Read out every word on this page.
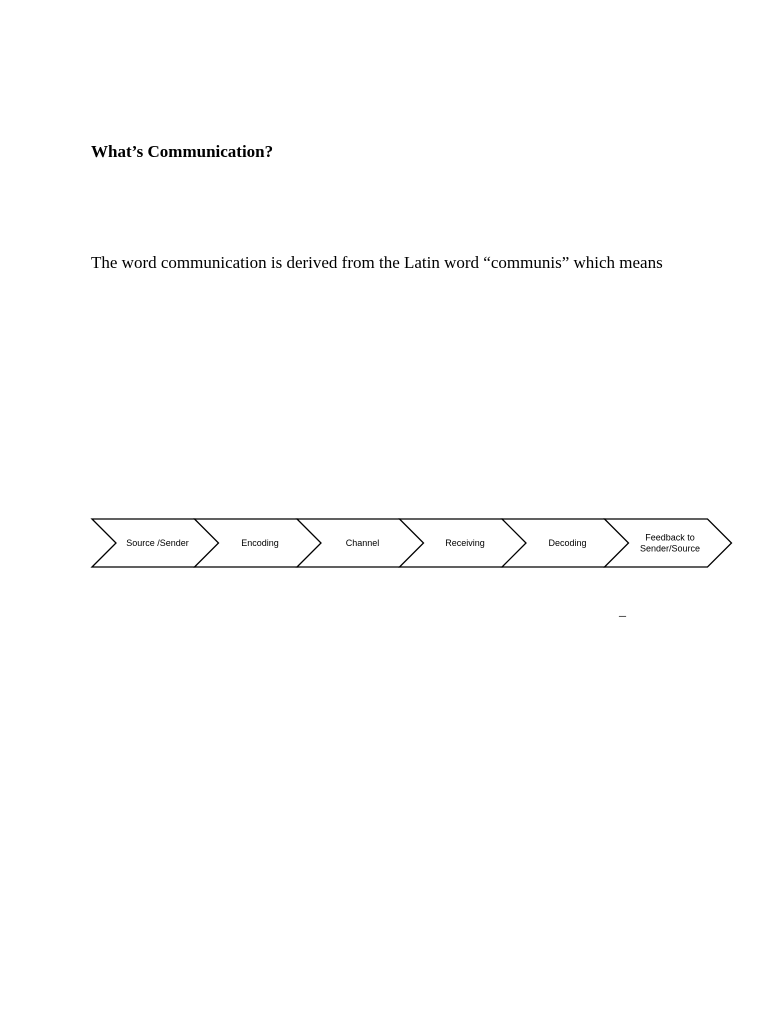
What’s Communication?

The word communication is derived from the Latin word “communis” which means

Source /Sender	Encoding	Channel	Receiving	Decoding
Feedback to
Sender/Source
_
